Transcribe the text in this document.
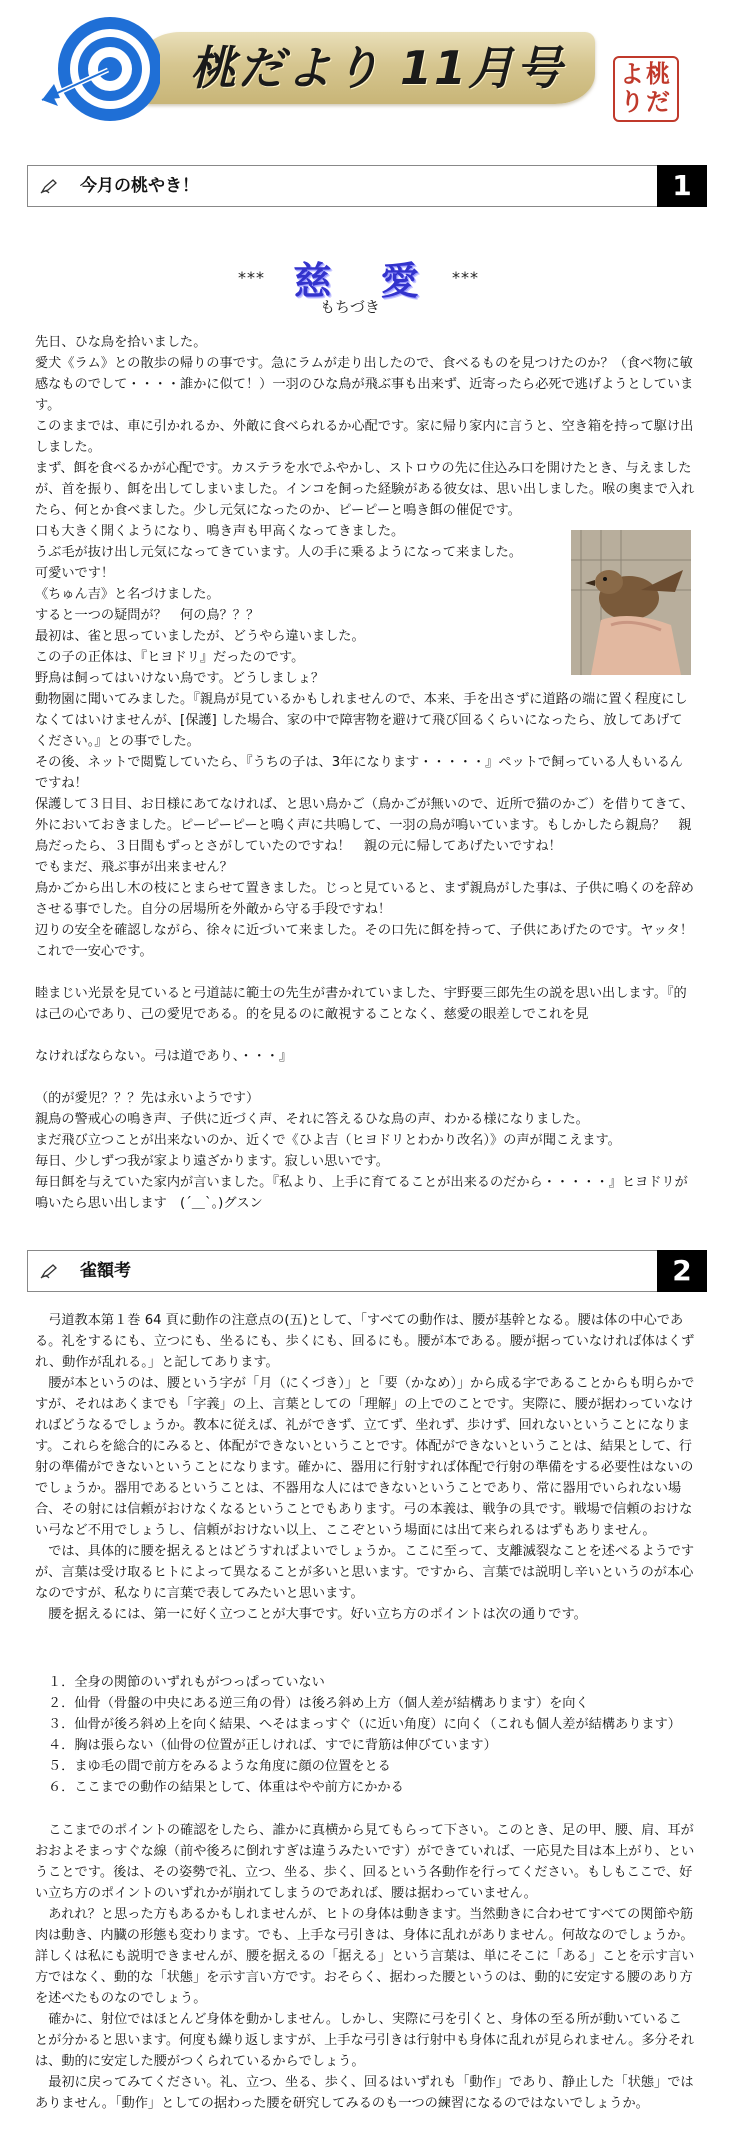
桃だより 11月号	桃
だ
よ
り
今月の桃やき！	1
*** 慈 愛 ***
もちづき

先日、ひな鳥を拾いました。

愛犬《ラム》との散歩の帰りの事です。急にラムが走り出したので、食べるものを見つけたのか？（食べ物に敏感なものでして・・・・誰かに似て！）一羽のひな鳥が飛ぶ事も出来ず、近寄ったら必死で逃げようとしています。

このままでは、車に引かれるか、外敵に食べられるか心配です。家に帰り家内に言うと、空き箱を持って駆け出しました。

まず、餌を食べるかが心配です。カステラを水でふやかし、ストロウの先に住込み口を開けたとき、与えましたが、首を振り、餌を出してしまいました。インコを飼った経験がある彼女は、思い出しました。喉の奥まで入れたら、何とか食べました。少し元気になったのか、ピーピーと鳴き餌の催促です。

口も大きく開くようになり、鳴き声も甲高くなってきました。

うぶ毛が抜け出し元気になってきています。人の手に乗るようになって来ました。可愛いです！

《ちゅん吉》と名づけました。

すると一つの疑問が？　何の鳥？？？

最初は、雀と思っていましたが、どうやら違いました。

この子の正体は、『ヒヨドリ』だったのです。

野鳥は飼ってはいけない鳥です。どうしましょ？

動物園に聞いてみました。『親鳥が見ているかもしれませんので、本来、手を出さずに道路の端に置く程度にしなくてはいけませんが、[保護] した場合、家の中で障害物を避けて飛び回るくらいになったら、放してあげてください。』との事でした。

その後、ネットで閲覧していたら、『うちの子は、3年になります・・・・・』ペットで飼っている人もいるんですね！

保護して３日目、お日様にあてなければ、と思い鳥かご（鳥かごが無いので、近所で猫のかご）を借りてきて、外においておきました。ピーピーピーと鳴く声に共鳴して、一羽の鳥が鳴いています。もしかしたら親鳥？　親鳥だったら、３日間もずっとさがしていたのですね！　親の元に帰してあげたいですね！

でもまだ、飛ぶ事が出来ません？

鳥かごから出し木の枝にとまらせて置きました。じっと見ていると、まず親鳥がした事は、子供に鳴くのを辞めさせる事でした。自分の居場所を外敵から守る手段ですね！

辺りの安全を確認しながら、徐々に近づいて来ました。その口先に餌を持って、子供にあげたのです。ヤッタ！これで一安心です。

睦まじい光景を見ていると弓道誌に範士の先生が書かれていました、宇野要三郎先生の説を思い出します。『的は己の心であり、己の愛児である。的を見るのに敵視することなく、慈愛の眼差しでこれを見

なければならない。弓は道であり、・・・』

（的が愛児？？？先は永いようです）

親鳥の警戒心の鳴き声、子供に近づく声、それに答えるひな鳥の声、わかる様になりました。

まだ飛び立つことが出来ないのか、近くで《ひよ吉（ヒヨドリとわかり改名）》の声が聞こえます。

毎日、少しずつ我が家より遠ざかります。寂しい思いです。

毎日餌を与えていた家内が言いました。『私より、上手に育てることが出来るのだから・・・・・』ヒヨドリが鳴いたら思い出します　(´＿`。)グスン

雀額考	2

弓道教本第１巻 64 頁に動作の注意点の(五)として、「すべての動作は、腰が基幹となる。腰は体の中心である。礼をするにも、立つにも、坐るにも、歩くにも、回るにも。腰が本である。腰が据っていなければ体はくずれ、動作が乱れる。」と記してあります。

腰が本というのは、腰という字が「月（にくづき）」と「要（かなめ）」から成る字であることからも明らかですが、それはあくまでも「字義」の上、言葉としての「理解」の上でのことです。実際に、腰が据わっていなければどうなるでしょうか。教本に従えば、礼ができず、立てず、坐れず、歩けず、回れないということになります。これらを総合的にみると、体配ができないということです。体配ができないということは、結果として、行射の準備ができないということになります。確かに、器用に行射すれば体配で行射の準備をする必要性はないのでしょうか。器用であるということは、不器用な人にはできないということであり、常に器用でいられない場合、その射には信頼がおけなくなるということでもあります。弓の本義は、戦争の具です。戦場で信頼のおけない弓など不用でしょうし、信頼がおけない以上、ここぞという場面には出て来られるはずもありません。

では、具体的に腰を据えるとはどうすればよいでしょうか。ここに至って、支離滅裂なことを述べるようですが、言葉は受け取るヒトによって異なることが多いと思います。ですから、言葉では説明し辛いというのが本心なのですが、私なりに言葉で表してみたいと思います。

腰を据えるには、第一に好く立つことが大事です。好い立ち方のポイントは次の通りです。

１．全身の関節のいずれもがつっぱっていない
２．仙骨（骨盤の中央にある逆三角の骨）は後ろ斜め上方（個人差が結構あります）を向く
３．仙骨が後ろ斜め上を向く結果、へそはまっすぐ（に近い角度）に向く（これも個人差が結構あります）
４．胸は張らない（仙骨の位置が正しければ、すでに背筋は伸びています）
５．まゆ毛の間で前方をみるような角度に顔の位置をとる
６．ここまでの動作の結果として、体重はやや前方にかかる

ここまでのポイントの確認をしたら、誰かに真横から見てもらって下さい。このとき、足の甲、腰、肩、耳がおおよそまっすぐな線（前や後ろに倒れすぎは違うみたいです）ができていれば、一応見た目は本上がり、ということです。後は、その姿勢で礼、立つ、坐る、歩く、回るという各動作を行ってください。もしもここで、好い立ち方のポイントのいずれかが崩れてしまうのであれば、腰は据わっていません。

あれれ？と思った方もあるかもしれませんが、ヒトの身体は動きます。当然動きに合わせてすべての関節や筋肉は動き、内臓の形態も変わります。でも、上手な弓引きは、身体に乱れがありません。何故なのでしょうか。詳しくは私にも説明できませんが、腰を据えるの「据える」という言葉は、単にそこに「ある」ことを示す言い方ではなく、動的な「状態」を示す言い方です。おそらく、据わった腰というのは、動的に安定する腰のあり方を述べたものなのでしょう。

確かに、射位ではほとんど身体を動かしません。しかし、実際に弓を引くと、身体の至る所が動いていることが分かると思います。何度も繰り返しますが、上手な弓引きは行射中も身体に乱れが見られません。多分それは、動的に安定した腰がつくられているからでしょう。

最初に戻ってみてください。礼、立つ、坐る、歩く、回るはいずれも「動作」であり、静止した「状態」ではありません。「動作」としての据わった腰を研究してみるのも一つの練習になるのではないでしょうか。
